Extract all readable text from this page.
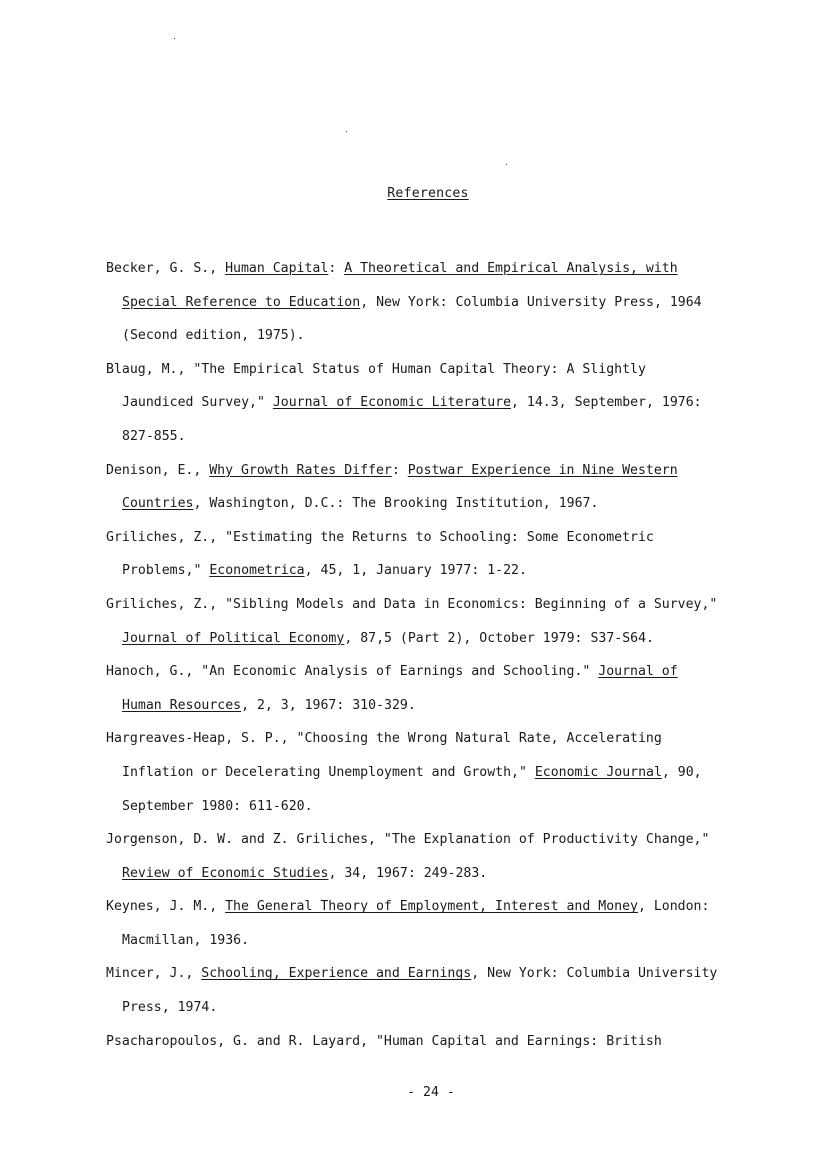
References
Becker, G. S., Human Capital: A Theoretical and Empirical Analysis, with
Special Reference to Education, New York: Columbia University Press, 1964
(Second edition, 1975).
Blaug, M., "The Empirical Status of Human Capital Theory: A Slightly
Jaundiced Survey," Journal of Economic Literature, 14.3, September, 1976:
827-855.
Denison, E., Why Growth Rates Differ: Postwar Experience in Nine Western
Countries, Washington, D.C.: The Brooking Institution, 1967.
Griliches, Z., "Estimating the Returns to Schooling: Some Econometric
Problems," Econometrica, 45, 1, January 1977: 1-22.
Griliches, Z., "Sibling Models and Data in Economics: Beginning of a Survey,"
Journal of Political Economy, 87,5 (Part 2), October 1979: S37-S64.
Hanoch, G., "An Economic Analysis of Earnings and Schooling." Journal of
Human Resources, 2, 3, 1967: 310-329.
Hargreaves-Heap, S. P., "Choosing the Wrong Natural Rate, Accelerating
Inflation or Decelerating Unemployment and Growth," Economic Journal, 90,
September 1980: 611-620.
Jorgenson, D. W. and Z. Griliches, "The Explanation of Productivity Change,"
Review of Economic Studies, 34, 1967: 249-283.
Keynes, J. M., The General Theory of Employment, Interest and Money, London:
Macmillan, 1936.
Mincer, J., Schooling, Experience and Earnings, New York: Columbia University
Press, 1974.
Psacharopoulos, G. and R. Layard, "Human Capital and Earnings: British
- 24 -
